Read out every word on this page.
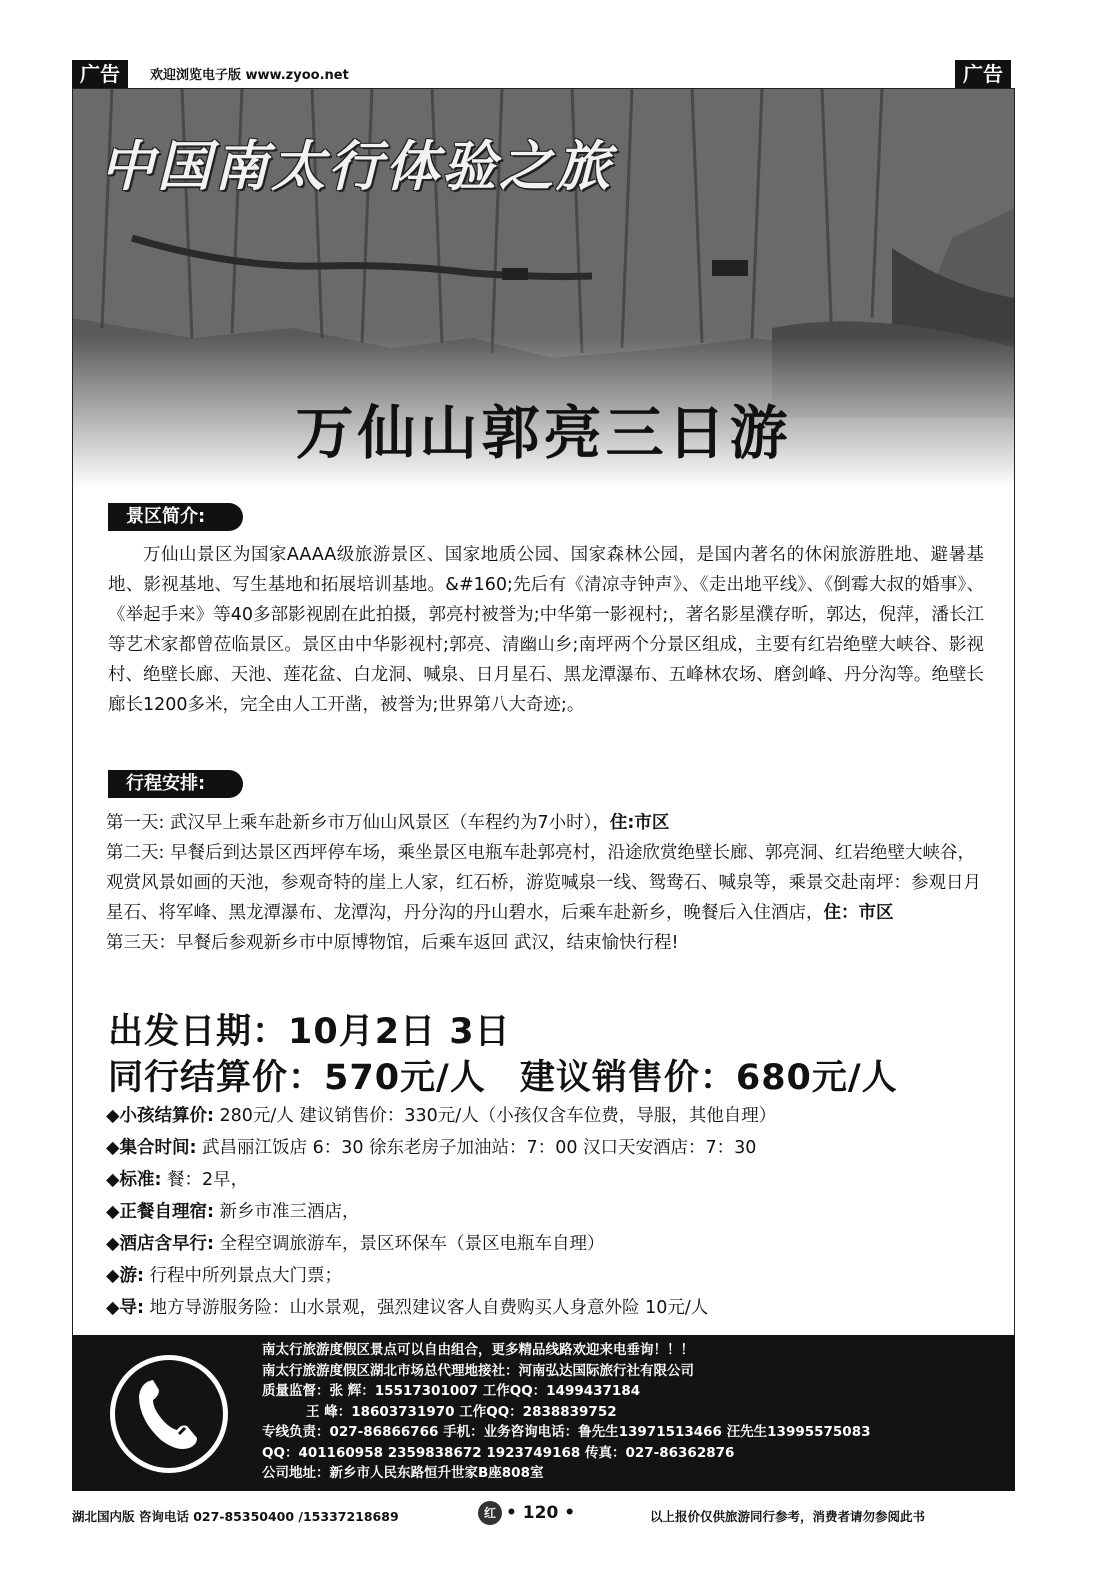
广告	欢迎浏览电子版 www.zyoo.net	广告
中国南太行体验之旅
万仙山郭亮三日游
景区简介:
万仙山景区为国家AAAA级旅游景区、国家地质公园、国家森林公园，是国内著名的休闲旅游胜地、避暑基地、影视基地、写生基地和拓展培训基地。&#160;先后有《清凉寺钟声》、《走出地平线》、《倒霉大叔的婚事》、《举起手来》等40多部影视剧在此拍摄，郭亮村被誉为;中华第一影视村;，著名影星濮存昕，郭达，倪萍，潘长江等艺术家都曾莅临景区。景区由中华影视村;郭亮、清幽山乡;南坪两个分景区组成，主要有红岩绝壁大峡谷、影视村、绝壁长廊、天池、莲花盆、白龙洞、喊泉、日月星石、黑龙潭瀑布、五峰林农场、磨剑峰、丹分沟等。绝壁长廊长1200多米，完全由人工开凿，被誉为;世界第八大奇迹;。
行程安排:

第一天: 武汉早上乘车赴新乡市万仙山风景区（车程约为7小时），住:市区

第二天: 早餐后到达景区西坪停车场，乘坐景区电瓶车赴郭亮村，沿途欣赏绝壁长廊、郭亮洞、红岩绝壁大峡谷，观赏风景如画的天池，参观奇特的崖上人家，红石桥，游览喊泉一线、鸳鸯石、喊泉等，乘景交赴南坪：参观日月星石、将军峰、黑龙潭瀑布、龙潭沟，丹分沟的丹山碧水，后乘车赴新乡，晚餐后入住酒店，住：市区

第三天：早餐后参观新乡市中原博物馆，后乘车返回 武汉，结束愉快行程!

出发日期：10月2日 3日
同行结算价：570元/人 建议销售价：680元/人
◆小孩结算价: 280元/人 建议销售价：330元/人（小孩仅含车位费，导服，其他自理）
◆集合时间: 武昌丽江饭店 6：30 徐东老房子加油站：7：00 汉口天安酒店：7：30
◆标准: 餐：2早，
◆正餐自理宿: 新乡市准三酒店，
◆酒店含早行: 全程空调旅游车，景区环保车（景区电瓶车自理）
◆游: 行程中所列景点大门票；
◆导: 地方导游服务险：山水景观，强烈建议客人自费购买人身意外险 10元/人
南太行旅游度假区景点可以自由组合，更多精品线路欢迎来电垂询！！！
南太行旅游度假区湖北市场总代理地接社：河南弘达国际旅行社有限公司
质量监督：张 辉：15517301007 工作QQ：1499437184
王 峰：18603731970 工作QQ：2838839752
专线负责：027-86866766 手机：业务咨询电话：鲁先生13971513466 汪先生13995575083
QQ：401160958 2359838672 1923749168 传真：027-86362876
公司地址：新乡市人民东路恒升世家B座808室
湖北国内版 咨询电话 027-85350400 /15337218689	红 • 120 •	以上报价仅供旅游同行参考，消费者请勿参阅此书
